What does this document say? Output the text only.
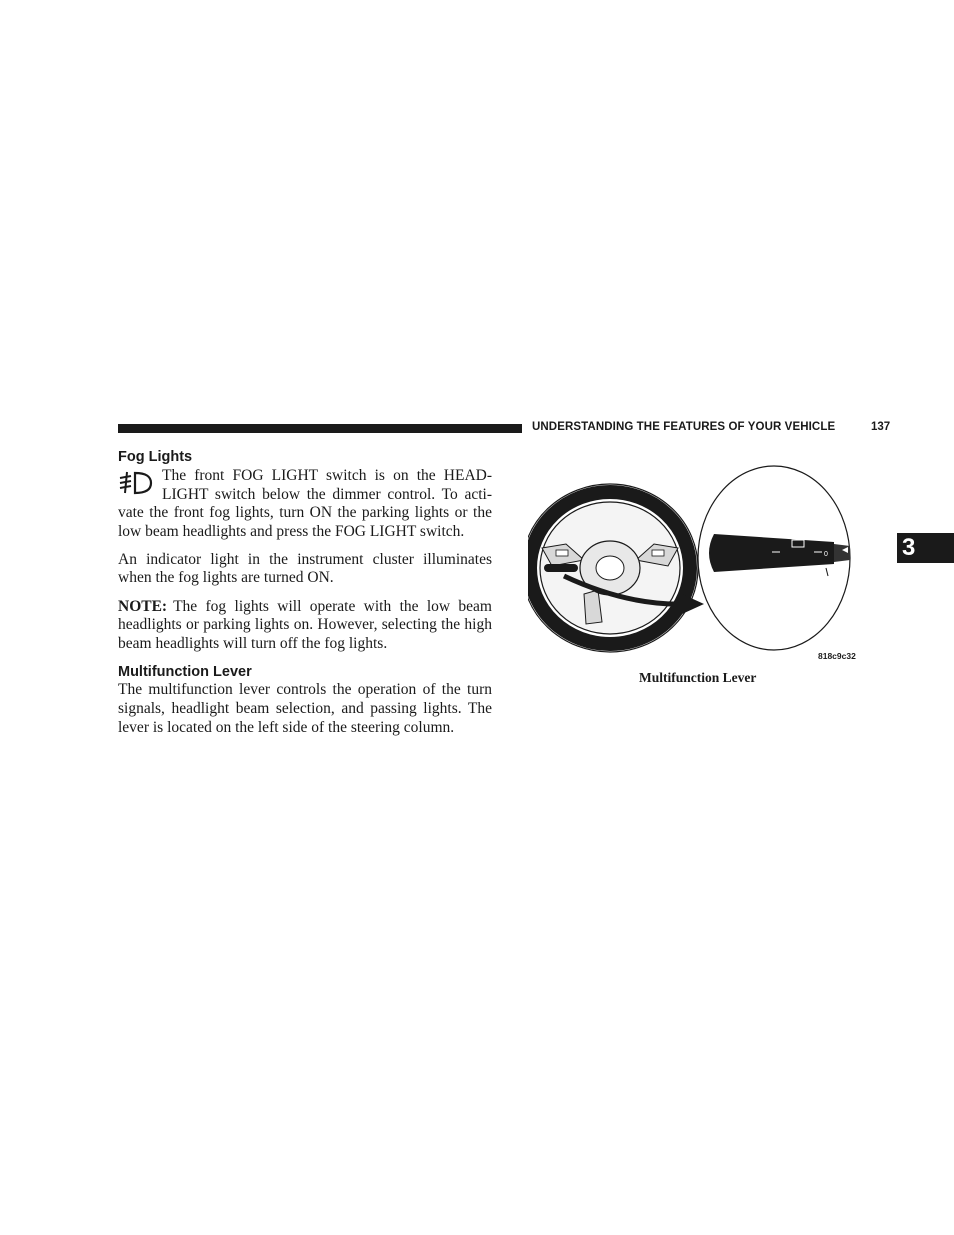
UNDERSTANDING THE FEATURES OF YOUR VEHICLE	137
3
Fog Lights

The front FOG LIGHT switch is on the HEAD-LIGHT switch below the dimmer control. To acti-vate the front fog lights, turn ON the parking lights or the low beam headlights and press the FOG LIGHT switch.

An indicator light in the instrument cluster illuminates when the fog lights are turned ON.

NOTE: The fog lights will operate with the low beam headlights or parking lights on. However, selecting the high beam headlights will turn off the fog lights.

Multifunction Lever

The multifunction lever controls the operation of the turn signals, headlight beam selection, and passing lights. The lever is located on the left side of the steering column.

0
818c9c32
Multifunction Lever
